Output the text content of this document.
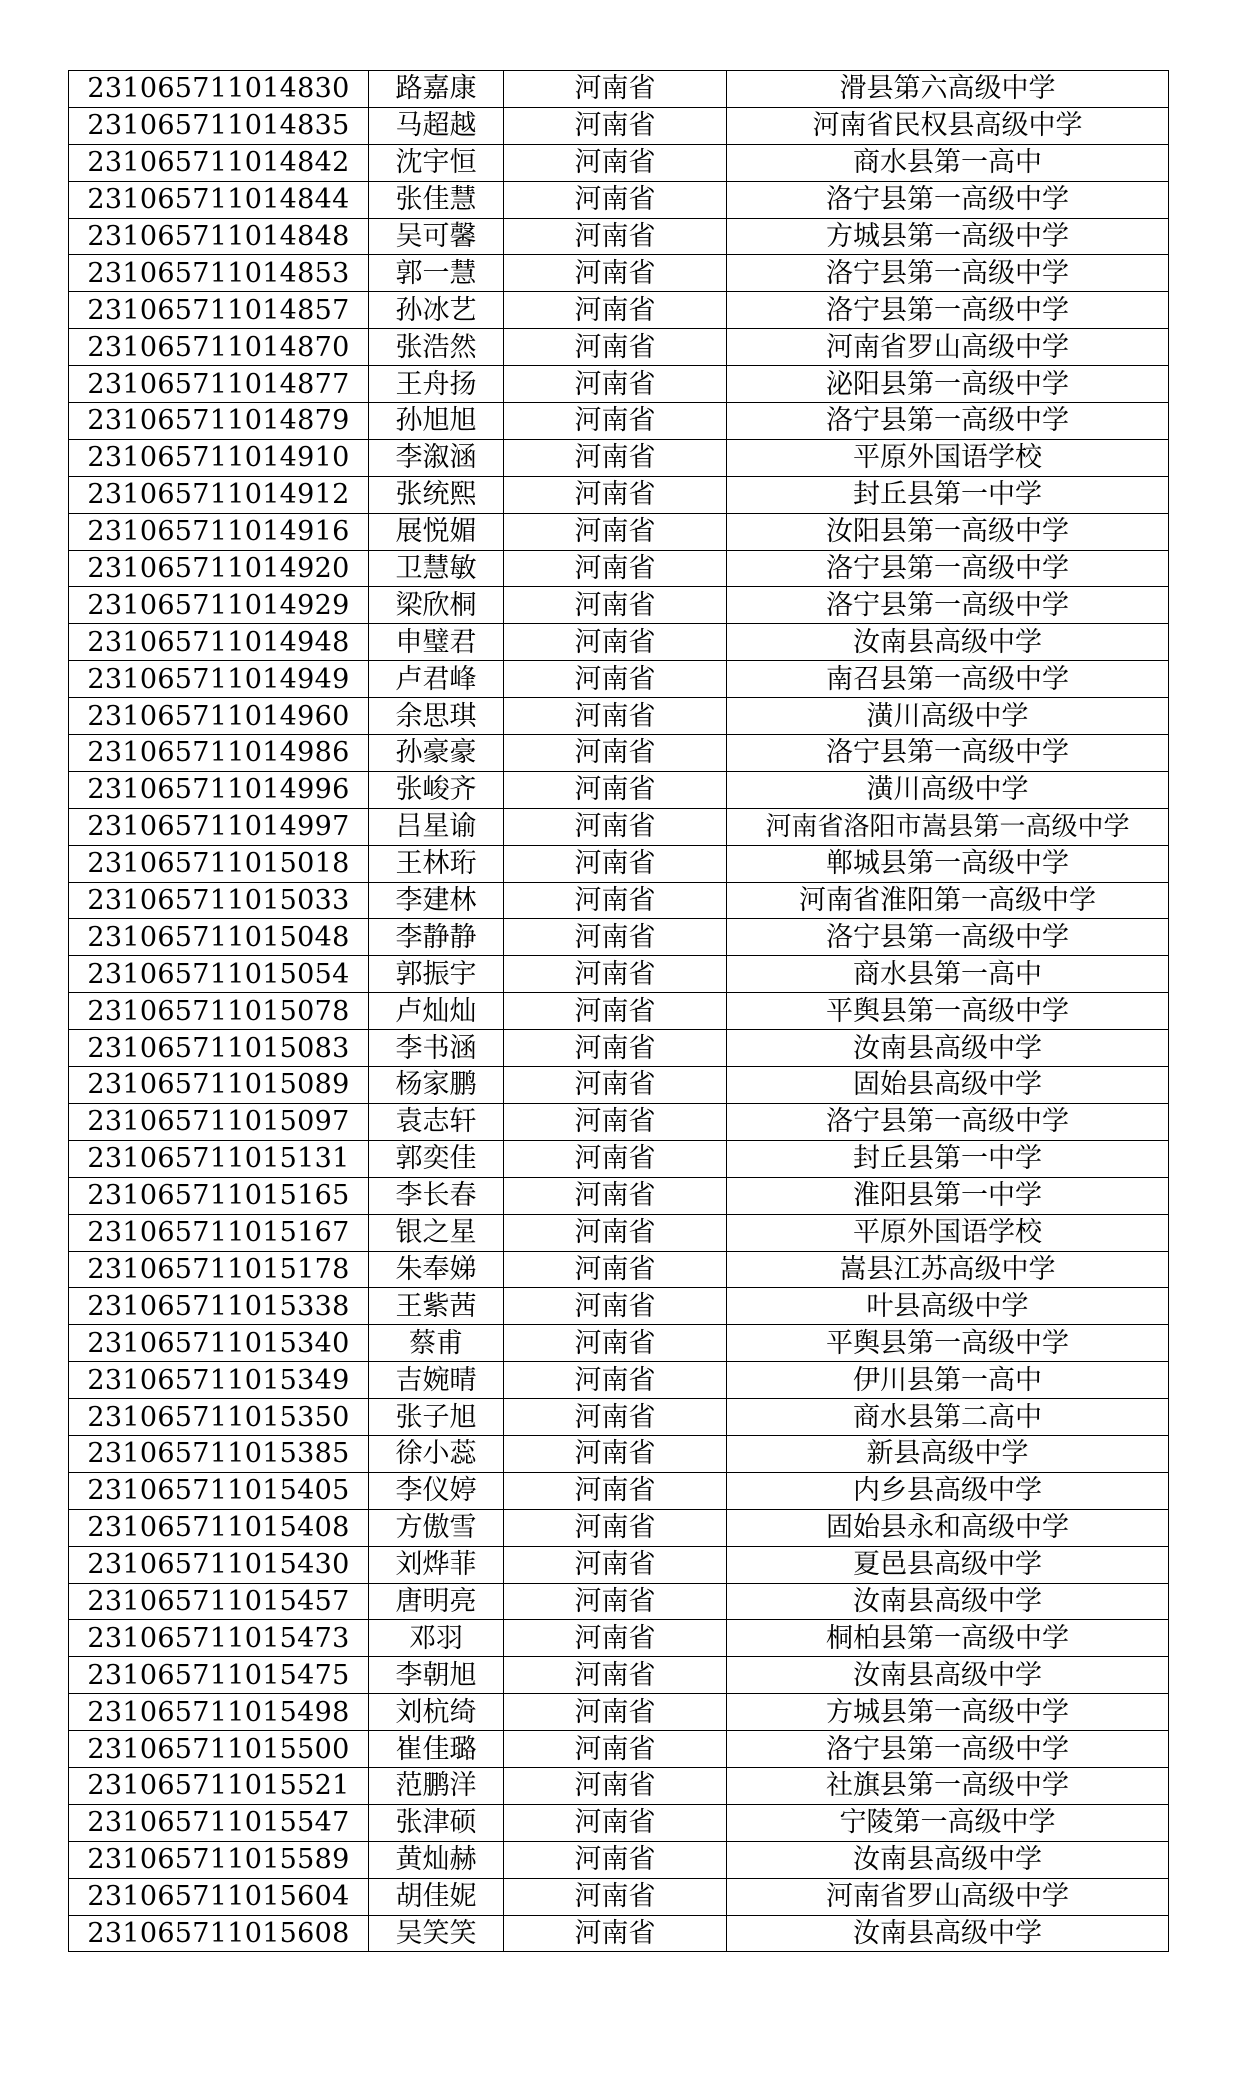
231065711014830	路嘉康	河南省	滑县第六高级中学
231065711014835	马超越	河南省	河南省民权县高级中学
231065711014842	沈宇恒	河南省	商水县第一高中
231065711014844	张佳慧	河南省	洛宁县第一高级中学
231065711014848	吴可馨	河南省	方城县第一高级中学
231065711014853	郭一慧	河南省	洛宁县第一高级中学
231065711014857	孙冰艺	河南省	洛宁县第一高级中学
231065711014870	张浩然	河南省	河南省罗山高级中学
231065711014877	王舟扬	河南省	泌阳县第一高级中学
231065711014879	孙旭旭	河南省	洛宁县第一高级中学
231065711014910	李溆涵	河南省	平原外国语学校
231065711014912	张统熙	河南省	封丘县第一中学
231065711014916	展悦媚	河南省	汝阳县第一高级中学
231065711014920	卫慧敏	河南省	洛宁县第一高级中学
231065711014929	梁欣桐	河南省	洛宁县第一高级中学
231065711014948	申璧君	河南省	汝南县高级中学
231065711014949	卢君峰	河南省	南召县第一高级中学
231065711014960	余思琪	河南省	潢川高级中学
231065711014986	孙豪豪	河南省	洛宁县第一高级中学
231065711014996	张峻齐	河南省	潢川高级中学
231065711014997	吕星谕	河南省	河南省洛阳市嵩县第一高级中学
231065711015018	王林珩	河南省	郸城县第一高级中学
231065711015033	李建林	河南省	河南省淮阳第一高级中学
231065711015048	李静静	河南省	洛宁县第一高级中学
231065711015054	郭振宇	河南省	商水县第一高中
231065711015078	卢灿灿	河南省	平舆县第一高级中学
231065711015083	李书涵	河南省	汝南县高级中学
231065711015089	杨家鹏	河南省	固始县高级中学
231065711015097	袁志轩	河南省	洛宁县第一高级中学
231065711015131	郭奕佳	河南省	封丘县第一中学
231065711015165	李长春	河南省	淮阳县第一中学
231065711015167	银之星	河南省	平原外国语学校
231065711015178	朱奉娣	河南省	嵩县江苏高级中学
231065711015338	王紫茜	河南省	叶县高级中学
231065711015340	蔡甫	河南省	平舆县第一高级中学
231065711015349	吉婉晴	河南省	伊川县第一高中
231065711015350	张子旭	河南省	商水县第二高中
231065711015385	徐小蕊	河南省	新县高级中学
231065711015405	李仪婷	河南省	内乡县高级中学
231065711015408	方傲雪	河南省	固始县永和高级中学
231065711015430	刘烨菲	河南省	夏邑县高级中学
231065711015457	唐明亮	河南省	汝南县高级中学
231065711015473	邓羽	河南省	桐柏县第一高级中学
231065711015475	李朝旭	河南省	汝南县高级中学
231065711015498	刘杭绮	河南省	方城县第一高级中学
231065711015500	崔佳璐	河南省	洛宁县第一高级中学
231065711015521	范鹏洋	河南省	社旗县第一高级中学
231065711015547	张津硕	河南省	宁陵第一高级中学
231065711015589	黄灿赫	河南省	汝南县高级中学
231065711015604	胡佳妮	河南省	河南省罗山高级中学
231065711015608	吴笑笑	河南省	汝南县高级中学
